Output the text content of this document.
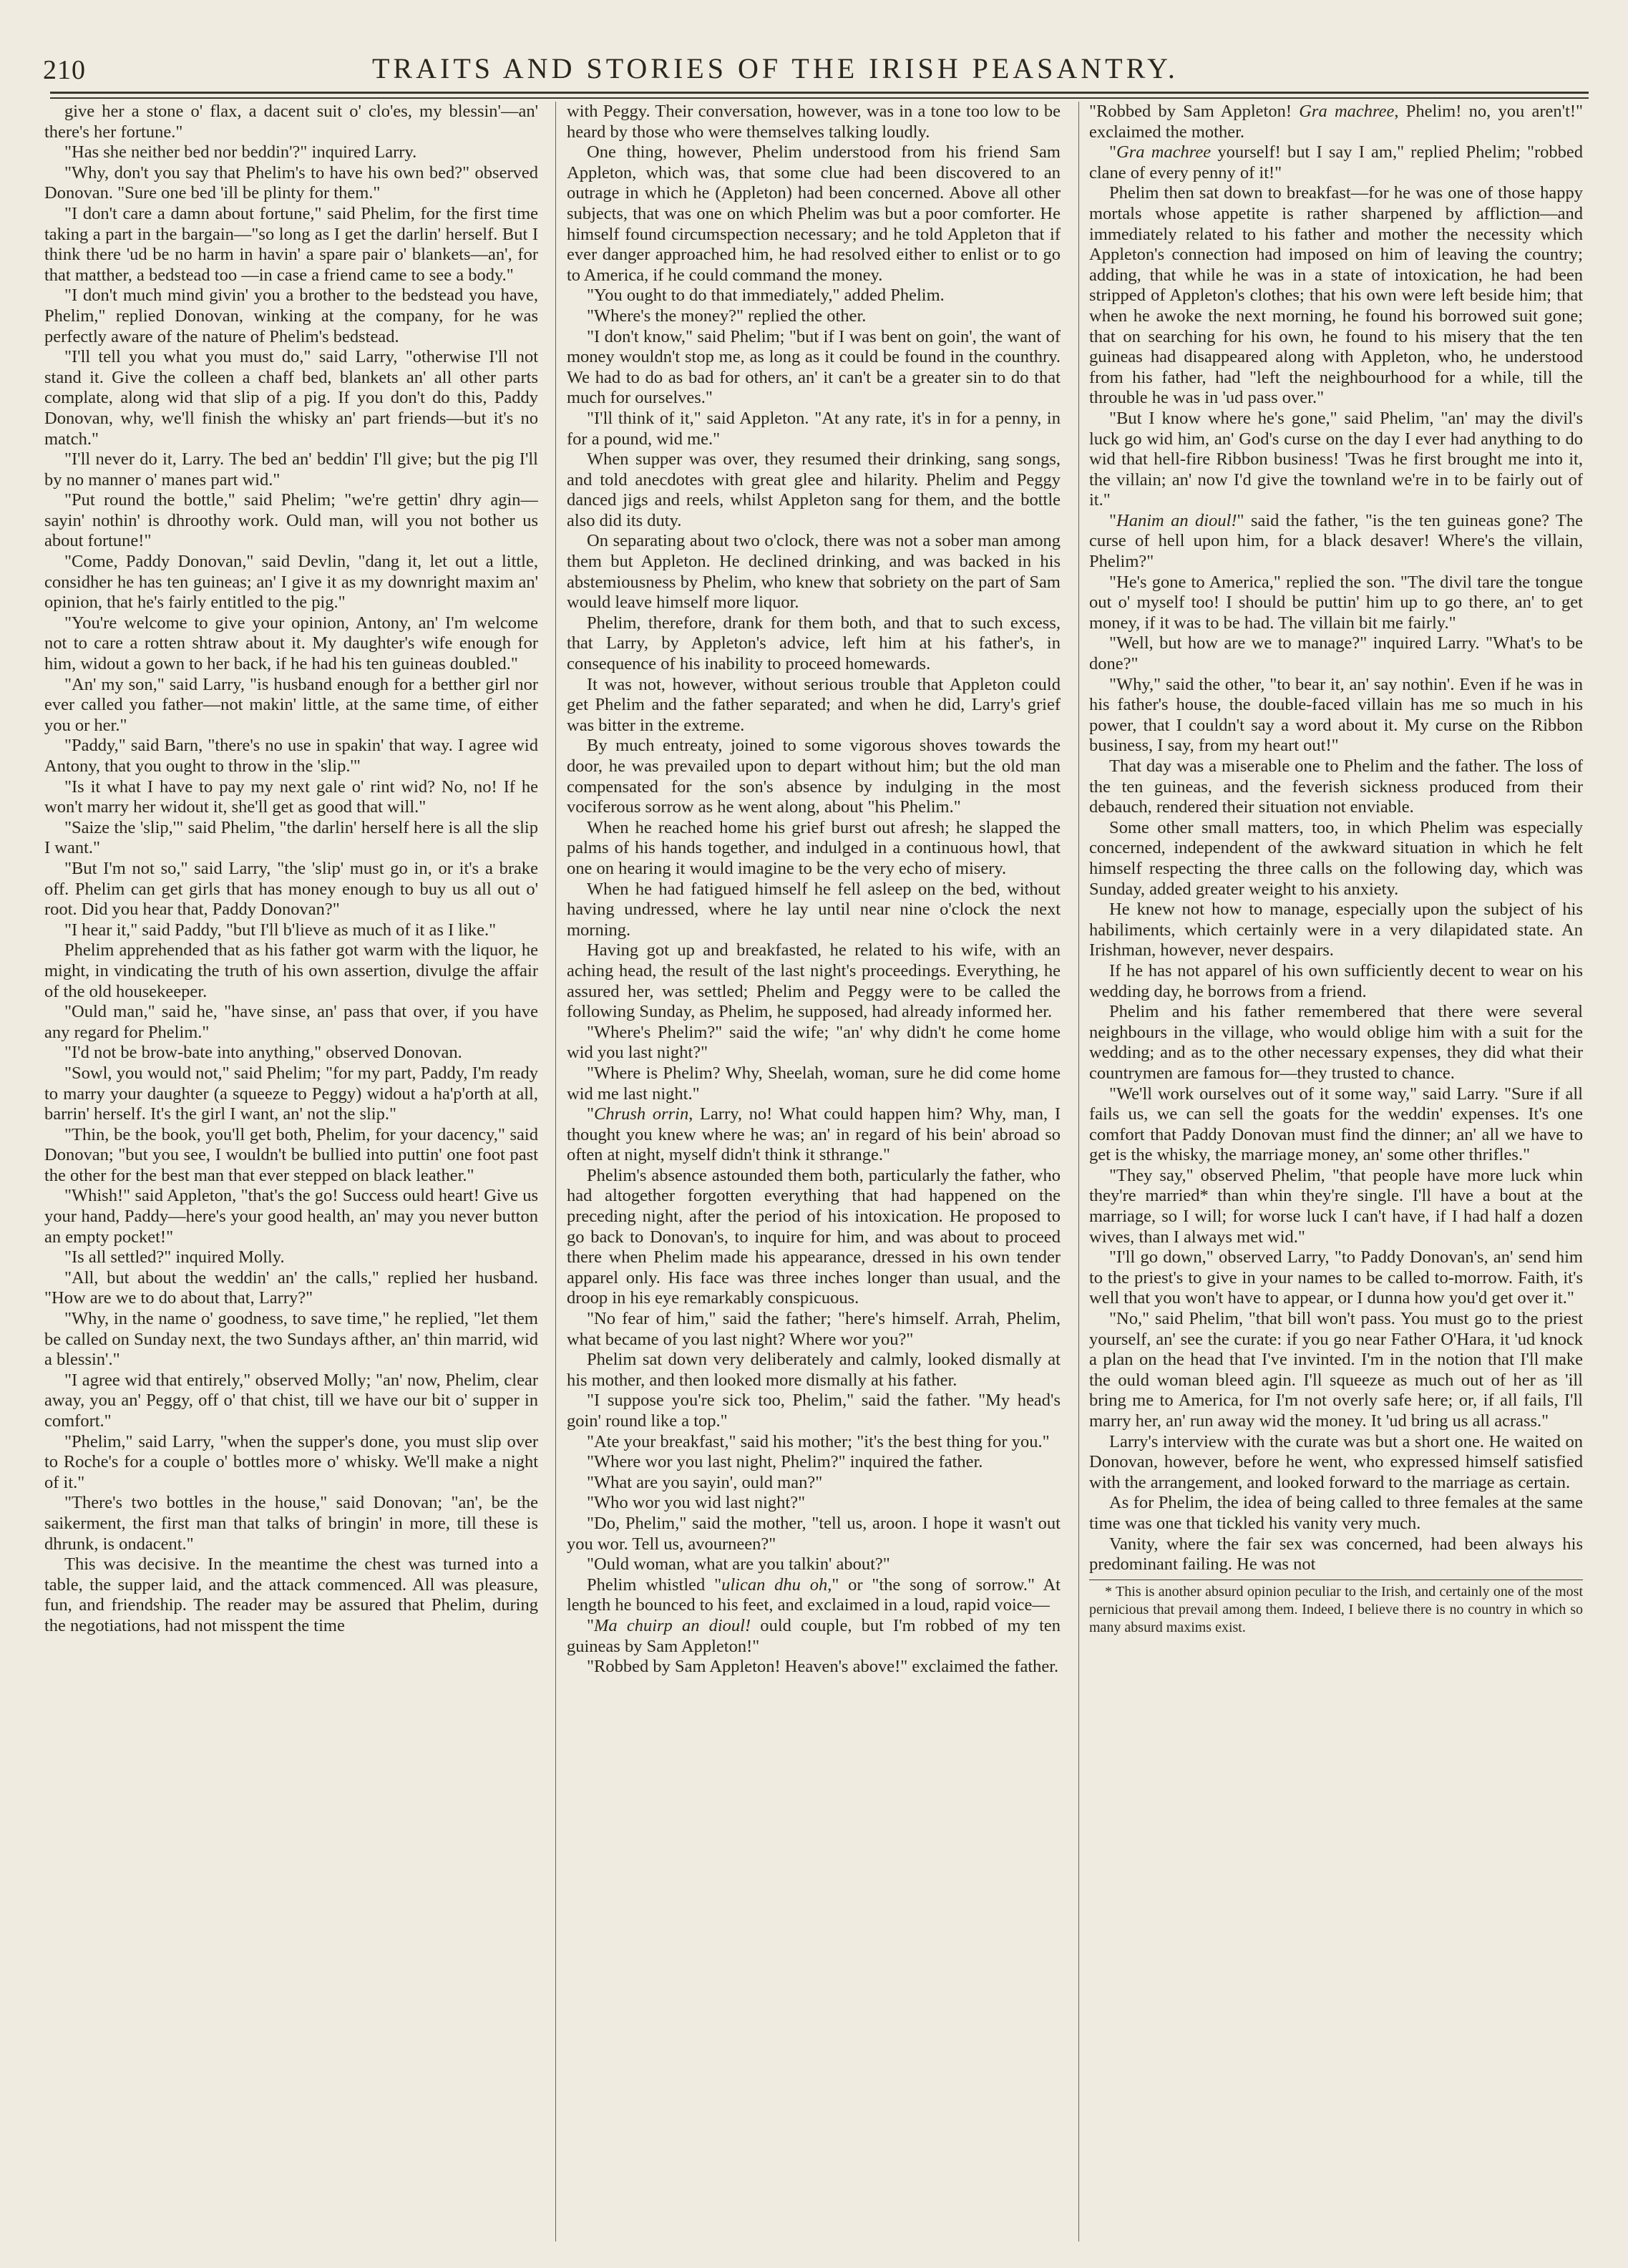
210	TRAITS AND STORIES OF THE IRISH PEASANTRY.

give her a stone o' flax, a dacent suit o' clo'es, my blessin'—an' there's her fortune."

"Has she neither bed nor beddin'?" inquired Larry.

"Why, don't you say that Phelim's to have his own bed?" observed Donovan. "Sure one bed 'ill be plinty for them."

"I don't care a damn about fortune," said Phelim, for the first time taking a part in the bargain—"so long as I get the darlin' herself. But I think there 'ud be no harm in havin' a spare pair o' blankets—an', for that matther, a bedstead too —in case a friend came to see a body."

"I don't much mind givin' you a brother to the bedstead you have, Phelim," replied Donovan, winking at the company, for he was perfectly aware of the nature of Phelim's bedstead.

"I'll tell you what you must do," said Larry, "otherwise I'll not stand it. Give the colleen a chaff bed, blankets an' all other parts complate, along wid that slip of a pig. If you don't do this, Paddy Donovan, why, we'll finish the whisky an' part friends—but it's no match."

"I'll never do it, Larry. The bed an' beddin' I'll give; but the pig I'll by no manner o' manes part wid."

"Put round the bottle," said Phelim; "we're gettin' dhry agin—sayin' nothin' is dhroothy work. Ould man, will you not bother us about fortune!"

"Come, Paddy Donovan," said Devlin, "dang it, let out a little, considher he has ten guineas; an' I give it as my downright maxim an' opinion, that he's fairly entitled to the pig."

"You're welcome to give your opinion, Antony, an' I'm welcome not to care a rotten shtraw about it. My daughter's wife enough for him, widout a gown to her back, if he had his ten guineas doubled."

"An' my son," said Larry, "is husband enough for a betther girl nor ever called you father—not makin' little, at the same time, of either you or her."

"Paddy," said Barn, "there's no use in spakin' that way. I agree wid Antony, that you ought to throw in the 'slip.'"

"Is it what I have to pay my next gale o' rint wid? No, no! If he won't marry her widout it, she'll get as good that will."

"Saize the 'slip,'" said Phelim, "the darlin' herself here is all the slip I want."

"But I'm not so," said Larry, "the 'slip' must go in, or it's a brake off. Phelim can get girls that has money enough to buy us all out o' root. Did you hear that, Paddy Donovan?"

"I hear it," said Paddy, "but I'll b'lieve as much of it as I like."

Phelim apprehended that as his father got warm with the liquor, he might, in vindicating the truth of his own assertion, divulge the affair of the old housekeeper.

"Ould man," said he, "have sinse, an' pass that over, if you have any regard for Phelim."

"I'd not be brow-bate into anything," observed Donovan.

"Sowl, you would not," said Phelim; "for my part, Paddy, I'm ready to marry your daughter (a squeeze to Peggy) widout a ha'p'orth at all, barrin' herself. It's the girl I want, an' not the slip."

"Thin, be the book, you'll get both, Phelim, for your dacency," said Donovan; "but you see, I wouldn't be bullied into puttin' one foot past the other for the best man that ever stepped on black leather."

"Whish!" said Appleton, "that's the go! Success ould heart! Give us your hand, Paddy—here's your good health, an' may you never button an empty pocket!"

"Is all settled?" inquired Molly.

"All, but about the weddin' an' the calls," replied her husband. "How are we to do about that, Larry?"

"Why, in the name o' goodness, to save time," he replied, "let them be called on Sunday next, the two Sundays afther, an' thin marrid, wid a blessin'."

"I agree wid that entirely," observed Molly; "an' now, Phelim, clear away, you an' Peggy, off o' that chist, till we have our bit o' supper in comfort."

"Phelim," said Larry, "when the supper's done, you must slip over to Roche's for a couple o' bottles more o' whisky. We'll make a night of it."

"There's two bottles in the house," said Donovan; "an', be the saikerment, the first man that talks of bringin' in more, till these is dhrunk, is ondacent."

This was decisive. In the meantime the chest was turned into a table, the supper laid, and the attack commenced. All was pleasure, fun, and friendship. The reader may be assured that Phelim, during the negotiations, had not misspent the time

with Peggy. Their conversation, however, was in a tone too low to be heard by those who were themselves talking loudly.

One thing, however, Phelim understood from his friend Sam Appleton, which was, that some clue had been discovered to an outrage in which he (Appleton) had been concerned. Above all other subjects, that was one on which Phelim was but a poor comforter. He himself found circumspection necessary; and he told Appleton that if ever danger approached him, he had resolved either to enlist or to go to America, if he could command the money.

"You ought to do that immediately," added Phelim.

"Where's the money?" replied the other.

"I don't know," said Phelim; "but if I was bent on goin', the want of money wouldn't stop me, as long as it could be found in the counthry. We had to do as bad for others, an' it can't be a greater sin to do that much for ourselves."

"I'll think of it," said Appleton. "At any rate, it's in for a penny, in for a pound, wid me."

When supper was over, they resumed their drinking, sang songs, and told anecdotes with great glee and hilarity. Phelim and Peggy danced jigs and reels, whilst Appleton sang for them, and the bottle also did its duty.

On separating about two o'clock, there was not a sober man among them but Appleton. He declined drinking, and was backed in his abstemiousness by Phelim, who knew that sobriety on the part of Sam would leave himself more liquor.

Phelim, therefore, drank for them both, and that to such excess, that Larry, by Appleton's advice, left him at his father's, in consequence of his inability to proceed homewards.

It was not, however, without serious trouble that Appleton could get Phelim and the father separated; and when he did, Larry's grief was bitter in the extreme.

By much entreaty, joined to some vigorous shoves towards the door, he was prevailed upon to depart without him; but the old man compensated for the son's absence by indulging in the most vociferous sorrow as he went along, about "his Phelim."

When he reached home his grief burst out afresh; he slapped the palms of his hands together, and indulged in a continuous howl, that one on hearing it would imagine to be the very echo of misery.

When he had fatigued himself he fell asleep on the bed, without having undressed, where he lay until near nine o'clock the next morning.

Having got up and breakfasted, he related to his wife, with an aching head, the result of the last night's proceedings. Everything, he assured her, was settled; Phelim and Peggy were to be called the following Sunday, as Phelim, he supposed, had already informed her.

"Where's Phelim?" said the wife; "an' why didn't he come home wid you last night?"

"Where is Phelim? Why, Sheelah, woman, sure he did come home wid me last night."

"Chrush orrin, Larry, no! What could happen him? Why, man, I thought you knew where he was; an' in regard of his bein' abroad so often at night, myself didn't think it sthrange."

Phelim's absence astounded them both, particularly the father, who had altogether forgotten everything that had happened on the preceding night, after the period of his intoxication. He proposed to go back to Donovan's, to inquire for him, and was about to proceed there when Phelim made his appearance, dressed in his own tender apparel only. His face was three inches longer than usual, and the droop in his eye remarkably conspicuous.

"No fear of him," said the father; "here's himself. Arrah, Phelim, what became of you last night? Where wor you?"

Phelim sat down very deliberately and calmly, looked dismally at his mother, and then looked more dismally at his father.

"I suppose you're sick too, Phelim," said the father. "My head's goin' round like a top."

"Ate your breakfast," said his mother; "it's the best thing for you."

"Where wor you last night, Phelim?" inquired the father.

"What are you sayin', ould man?"

"Who wor you wid last night?"

"Do, Phelim," said the mother, "tell us, aroon. I hope it wasn't out you wor. Tell us, avourneen?"

"Ould woman, what are you talkin' about?"

Phelim whistled "ulican dhu oh," or "the song of sorrow." At length he bounced to his feet, and exclaimed in a loud, rapid voice—

"Ma chuirp an dioul! ould couple, but I'm robbed of my ten guineas by Sam Appleton!"

"Robbed by Sam Appleton! Heaven's above!" exclaimed the father.

"Robbed by Sam Appleton! Gra machree, Phelim! no, you aren't!" exclaimed the mother.

"Gra machree yourself! but I say I am," replied Phelim; "robbed clane of every penny of it!"

Phelim then sat down to breakfast—for he was one of those happy mortals whose appetite is rather sharpened by affliction—and immediately related to his father and mother the necessity which Appleton's connection had imposed on him of leaving the country; adding, that while he was in a state of intoxication, he had been stripped of Appleton's clothes; that his own were left beside him; that when he awoke the next morning, he found his borrowed suit gone; that on searching for his own, he found to his misery that the ten guineas had disappeared along with Appleton, who, he understood from his father, had "left the neighbourhood for a while, till the throuble he was in 'ud pass over."

"But I know where he's gone," said Phelim, "an' may the divil's luck go wid him, an' God's curse on the day I ever had anything to do wid that hell-fire Ribbon business! 'Twas he first brought me into it, the villain; an' now I'd give the townland we're in to be fairly out of it."

"Hanim an dioul!" said the father, "is the ten guineas gone? The curse of hell upon him, for a black desaver! Where's the villain, Phelim?"

"He's gone to America," replied the son. "The divil tare the tongue out o' myself too! I should be puttin' him up to go there, an' to get money, if it was to be had. The villain bit me fairly."

"Well, but how are we to manage?" inquired Larry. "What's to be done?"

"Why," said the other, "to bear it, an' say nothin'. Even if he was in his father's house, the double-faced villain has me so much in his power, that I couldn't say a word about it. My curse on the Ribbon business, I say, from my heart out!"

That day was a miserable one to Phelim and the father. The loss of the ten guineas, and the feverish sickness produced from their debauch, rendered their situation not enviable.

Some other small matters, too, in which Phelim was especially concerned, independent of the awkward situation in which he felt himself respecting the three calls on the following day, which was Sunday, added greater weight to his anxiety.

He knew not how to manage, especially upon the subject of his habiliments, which certainly were in a very dilapidated state. An Irishman, however, never despairs.

If he has not apparel of his own sufficiently decent to wear on his wedding day, he borrows from a friend.

Phelim and his father remembered that there were several neighbours in the village, who would oblige him with a suit for the wedding; and as to the other necessary expenses, they did what their countrymen are famous for—they trusted to chance.

"We'll work ourselves out of it some way," said Larry. "Sure if all fails us, we can sell the goats for the weddin' expenses. It's one comfort that Paddy Donovan must find the dinner; an' all we have to get is the whisky, the marriage money, an' some other thrifles."

"They say," observed Phelim, "that people have more luck whin they're married* than whin they're single. I'll have a bout at the marriage, so I will; for worse luck I can't have, if I had half a dozen wives, than I always met wid."

"I'll go down," observed Larry, "to Paddy Donovan's, an' send him to the priest's to give in your names to be called to-morrow. Faith, it's well that you won't have to appear, or I dunna how you'd get over it."

"No," said Phelim, "that bill won't pass. You must go to the priest yourself, an' see the curate: if you go near Father O'Hara, it 'ud knock a plan on the head that I've invinted. I'm in the notion that I'll make the ould woman bleed agin. I'll squeeze as much out of her as 'ill bring me to America, for I'm not overly safe here; or, if all fails, I'll marry her, an' run away wid the money. It 'ud bring us all acrass."

Larry's interview with the curate was but a short one. He waited on Donovan, however, before he went, who expressed himself satisfied with the arrangement, and looked forward to the marriage as certain.

As for Phelim, the idea of being called to three females at the same time was one that tickled his vanity very much.

Vanity, where the fair sex was concerned, had been always his predominant failing. He was not

* This is another absurd opinion peculiar to the Irish, and certainly one of the most pernicious that prevail among them. Indeed, I believe there is no country in which so many absurd maxims exist.
